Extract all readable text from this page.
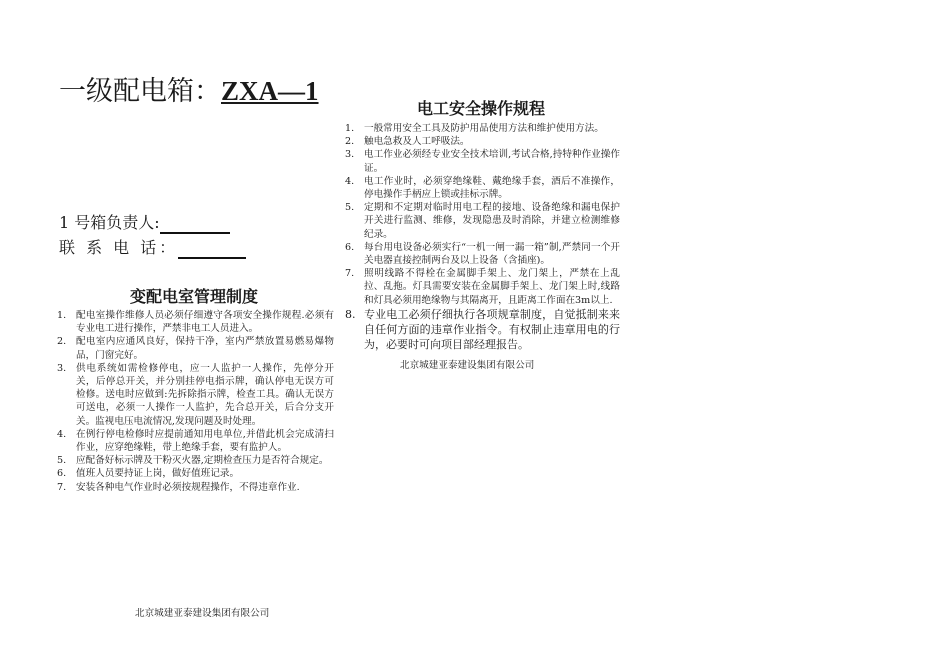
一级配电箱：ZXA—1
1 号箱负责人:
联 系 电 话：
变配电室管理制度
1. 配电室操作维修人员必须仔细遵守各项安全操作规程.必须有专业电工进行操作，严禁非电工人员进入。
2. 配电室内应通风良好，保持干净，室内严禁放置易燃易爆物品，门窗完好。
3. 供电系统如需检修停电，应一人监护一人操作，先停分开关，后停总开关，并分别挂停电指示牌，确认停电无误方可检修。送电时应做到:先拆除指示牌，检查工具。确认无误方可送电，必须一人操作一人监护，先合总开关，后合分支开关。监视电压电流情况,发现问题及时处理。
4. 在例行停电检修时应提前通知用电单位,并借此机会完成清扫作业，应穿绝缘鞋，带上绝缘手套，要有监护人。
5. 应配备好标示牌及干粉灭火器,定期检查压力是否符合规定。
6. 值班人员要持证上岗，做好值班记录。
7. 安装各种电气作业时必须按规程操作，不得违章作业.
电工安全操作规程
1. 一般常用安全工具及防护用品使用方法和维护使用方法。
2. 触电急救及人工呼吸法。
3. 电工作业必须经专业安全技术培训,考试合格,持特种作业操作证。
4. 电工作业时，必须穿绝缘鞋、戴绝缘手套，酒后不准操作，停电操作手柄应上锁或挂标示牌。
5. 定期和不定期对临时用电工程的接地、设备绝缘和漏电保护开关进行监测、维修，发现隐患及时消除，并建立检测维修纪录。
6. 每台用电设备必须实行“一机一闸一漏一箱”制,严禁同一个开关电器直接控制两台及以上设备（含插座)。
7. 照明线路不得栓在金属脚手架上、龙门架上，严禁在上乱拉、乱拖。灯具需要安装在金属脚手架上、龙门架上时,线路和灯具必须用绝缘物与其隔离开，且距离工作面在3m以上.
8. 专业电工必须仔细执行各项规章制度，自觉抵制来来自任何方面的违章作业指令。有权制止违章用电的行为，必要时可向项目部经理报告。
北京城建亚泰建设集团有限公司
北京城建亚泰建设集团有限公司
